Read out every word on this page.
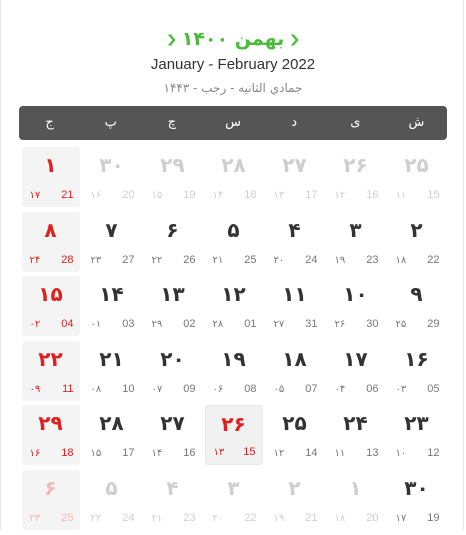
❯ بهمن ۱۴۰۰ ❯
January - February 2022
جمادي الثانيه - رجب - ۱۴۴۳
ش
ی
د
س
چ
پ
ج
۲۵
15
۱۱
۲۶
16
۱۲
۲۷
17
۱۳
۲۸
18
۱۴
۲۹
19
۱۵
۳۰
20
۱۶
۱
21
۱۷
۲
22
۱۸
۳
23
۱۹
۴
24
۲۰
۵
25
۲۱
۶
26
۲۲
۷
27
۲۳
۸
28
۲۴
۹
29
۲۵
۱۰
30
۲۶
۱۱
31
۲۷
۱۲
01
۲۸
۱۳
02
۲۹
۱۴
03
۰۱
۱۵
04
۰۲
۱۶
05
۰۳
۱۷
06
۰۴
۱۸
07
۰۵
۱۹
08
۰۶
۲۰
09
۰۷
۲۱
10
۰۸
۲۲
11
۰۹
۲۳
12
۱۰
۲۴
13
۱۱
۲۵
14
۱۲
۲۶
15
۱۳
۲۷
16
۱۴
۲۸
17
۱۵
۲۹
18
۱۶
۳۰
19
۱۷
۱
20
۱۸
۲
21
۱۹
۳
22
۲۰
۴
23
۲۱
۵
24
۲۲
۶
25
۲۳
